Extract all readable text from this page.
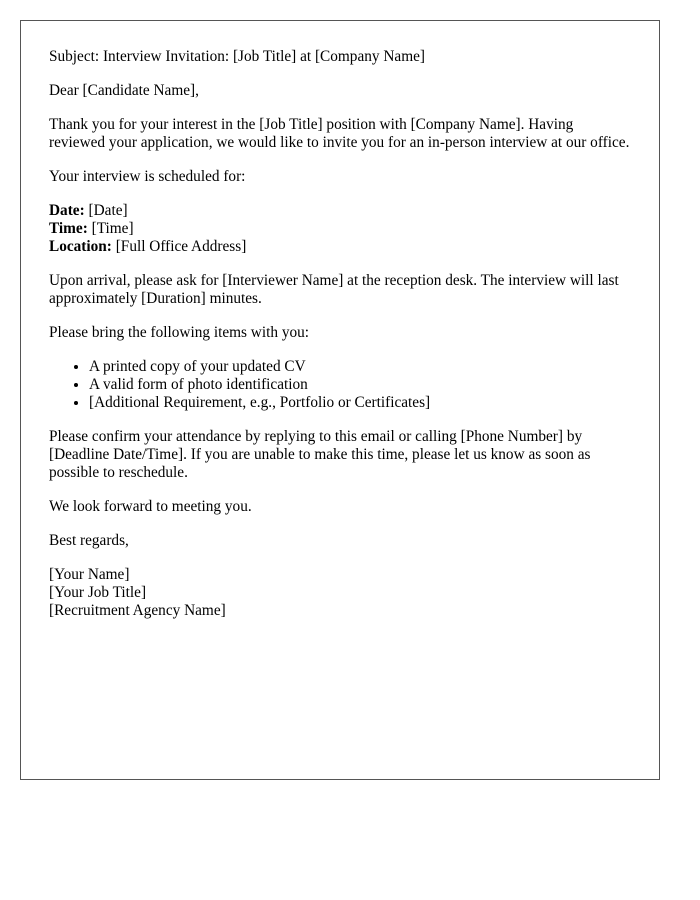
Subject: Interview Invitation: [Job Title] at [Company Name]

Dear [Candidate Name],

Thank you for your interest in the [Job Title] position with [Company Name]. Having reviewed your application, we would like to invite you for an in-person interview at our office.

Your interview is scheduled for:

Date: [Date]

Time: [Time]

Location: [Full Office Address]

Upon arrival, please ask for [Interviewer Name] at the reception desk. The interview will last approximately [Duration] minutes.

Please bring the following items with you:

• A printed copy of your updated CV
• A valid form of photo identification
• [Additional Requirement, e.g., Portfolio or Certificates]

Please confirm your attendance by replying to this email or calling [Phone Number] by [Deadline Date/Time]. If you are unable to make this time, please let us know as soon as possible to reschedule.

We look forward to meeting you.

Best regards,

[Your Name]

[Your Job Title]

[Recruitment Agency Name]
